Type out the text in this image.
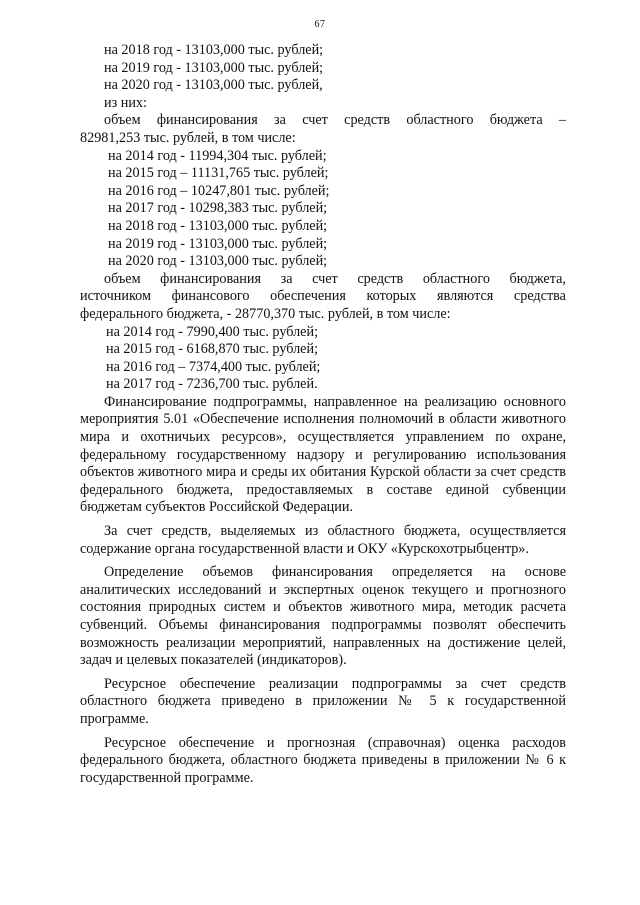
67

на 2018 год - 13103,000 тыс. рублей;

на 2019 год - 13103,000 тыс. рублей;

на 2020 год - 13103,000 тыс. рублей,

из них:

объем финансирования за счет средств областного бюджета –

82981,253 тыс. рублей, в том числе:

на 2014 год - 11994,304 тыс. рублей;

на 2015 год – 11131,765 тыс. рублей;

на 2016 год – 10247,801 тыс. рублей;

на 2017 год - 10298,383 тыс. рублей;

на 2018 год - 13103,000 тыс. рублей;

на 2019 год - 13103,000 тыс. рублей;

на 2020 год - 13103,000 тыс. рублей;

объем финансирования за счет средств областного бюджета,
источником финансового обеспечения которых являются средства

федерального бюджета, - 28770,370 тыс. рублей, в том числе:

на 2014 год - 7990,400 тыс. рублей;

на 2015 год - 6168,870 тыс. рублей;

на 2016 год – 7374,400 тыс. рублей;

на 2017 год - 7236,700 тыс. рублей.

Финансирование подпрограммы, направленное на реализацию основного мероприятия 5.01 «Обеспечение исполнения полномочий в области животного мира и охотничьих ресурсов», осуществляется управлением по охране, федеральному государственному надзору и регулированию использования объектов животного мира и среды их обитания Курской области за счет средств федерального бюджета, предоставляемых в составе единой субвенции бюджетам субъектов Российской Федерации.

За счет средств, выделяемых из областного бюджета, осуществляется содержание органа государственной власти и ОКУ «Курскохотрыбцентр».

Определение объемов финансирования определяется на основе аналитических исследований и экспертных оценок текущего и прогнозного состояния природных систем и объектов животного мира, методик расчета субвенций. Объемы финансирования подпрограммы позволят обеспечить возможность реализации мероприятий, направленных на достижение целей, задач и целевых показателей (индикаторов).

Ресурсное обеспечение реализации подпрограммы за счет средств областного бюджета приведено в приложении № 5 к государственной программе.

Ресурсное обеспечение и прогнозная (справочная) оценка расходов федерального бюджета, областного бюджета приведены в приложении № 6 к государственной программе.
